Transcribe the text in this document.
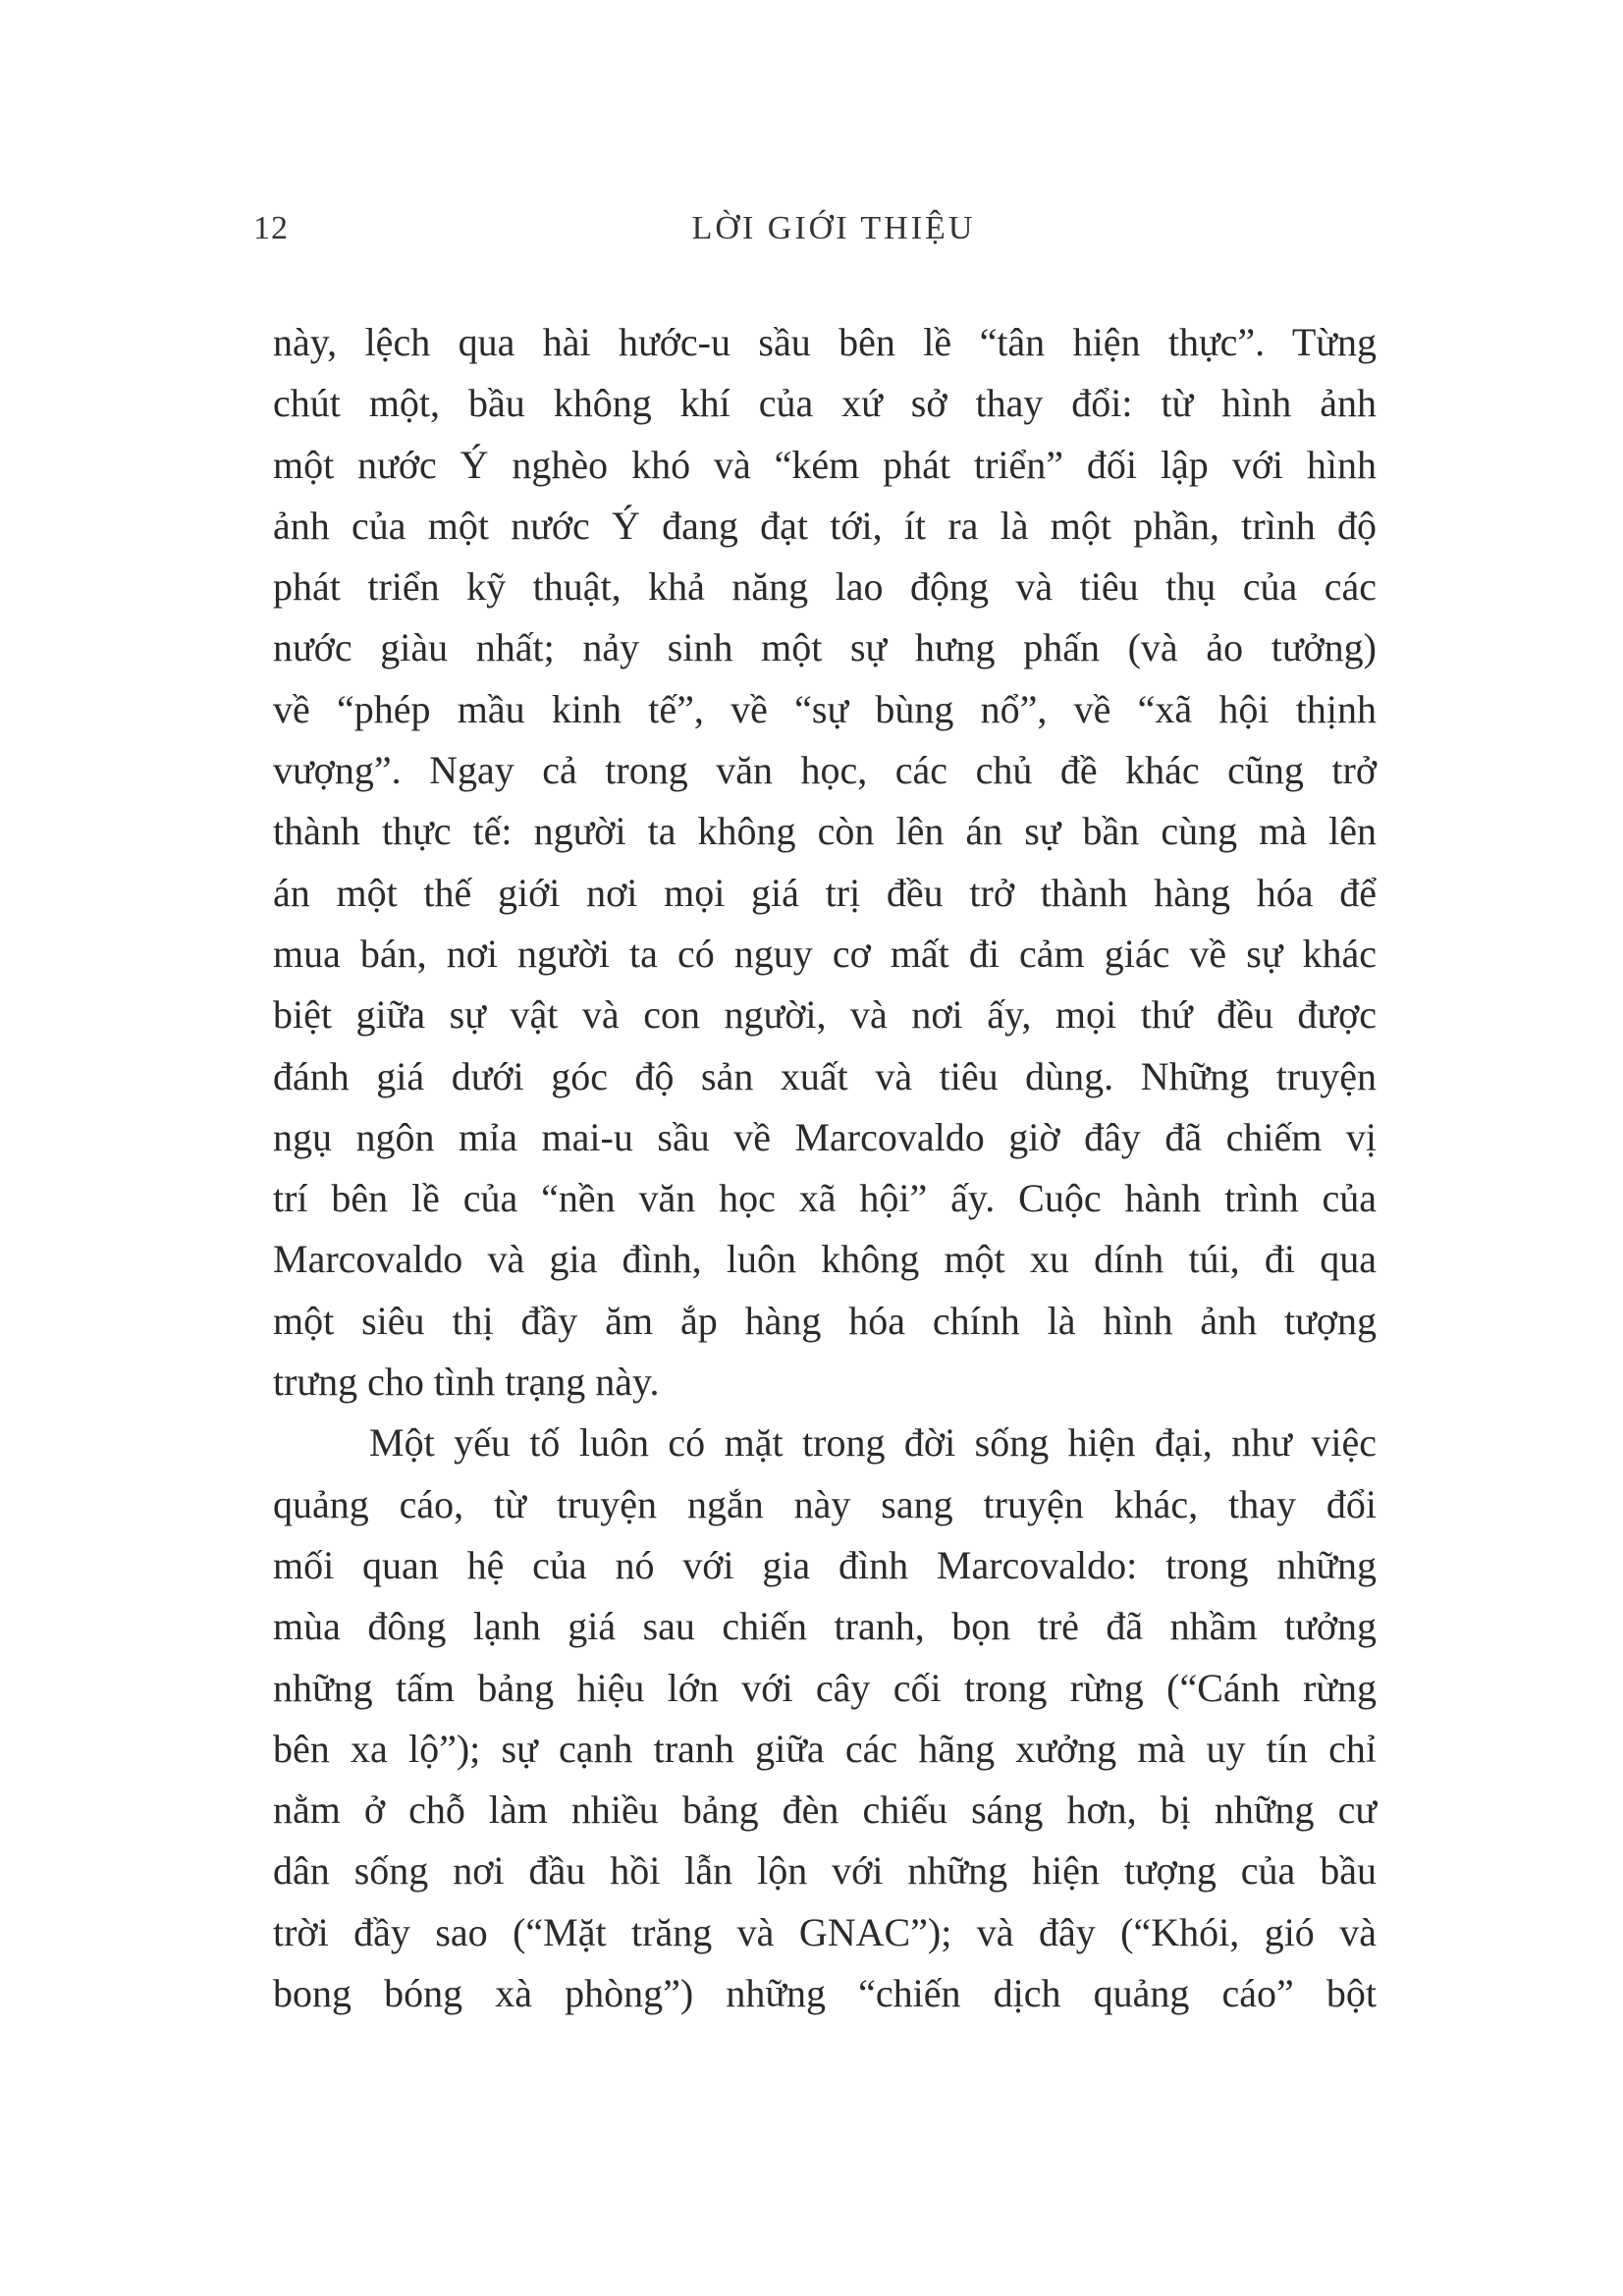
12	LỜI GIỚI THIỆU
này, lệch qua hài hước-u sầu bên lề “tân hiện thực”. Từng
chút một, bầu không khí của xứ sở thay đổi: từ hình ảnh
một nước Ý nghèo khó và “kém phát triển” đối lập với hình
ảnh của một nước Ý đang đạt tới, ít ra là một phần, trình độ
phát triển kỹ thuật, khả năng lao động và tiêu thụ của các
nước giàu nhất; nảy sinh một sự hưng phấn (và ảo tưởng)
về “phép mầu kinh tế”, về “sự bùng nổ”, về “xã hội thịnh
vượng”. Ngay cả trong văn học, các chủ đề khác cũng trở
thành thực tế: người ta không còn lên án sự bần cùng mà lên
án một thế giới nơi mọi giá trị đều trở thành hàng hóa để
mua bán, nơi người ta có nguy cơ mất đi cảm giác về sự khác
biệt giữa sự vật và con người, và nơi ấy, mọi thứ đều được
đánh giá dưới góc độ sản xuất và tiêu dùng. Những truyện
ngụ ngôn mỉa mai-u sầu về Marcovaldo giờ đây đã chiếm vị
trí bên lề của “nền văn học xã hội” ấy. Cuộc hành trình của
Marcovaldo và gia đình, luôn không một xu dính túi, đi qua
một siêu thị đầy ăm ắp hàng hóa chính là hình ảnh tượng
trưng cho tình trạng này.
Một yếu tố luôn có mặt trong đời sống hiện đại, như việc
quảng cáo, từ truyện ngắn này sang truyện khác, thay đổi
mối quan hệ của nó với gia đình Marcovaldo: trong những
mùa đông lạnh giá sau chiến tranh, bọn trẻ đã nhầm tưởng
những tấm bảng hiệu lớn với cây cối trong rừng (“Cánh rừng
bên xa lộ”); sự cạnh tranh giữa các hãng xưởng mà uy tín chỉ
nằm ở chỗ làm nhiều bảng đèn chiếu sáng hơn, bị những cư
dân sống nơi đầu hồi lẫn lộn với những hiện tượng của bầu
trời đầy sao (“Mặt trăng và GNAC”); và đây (“Khói, gió và
bong bóng xà phòng”) những “chiến dịch quảng cáo” bột
